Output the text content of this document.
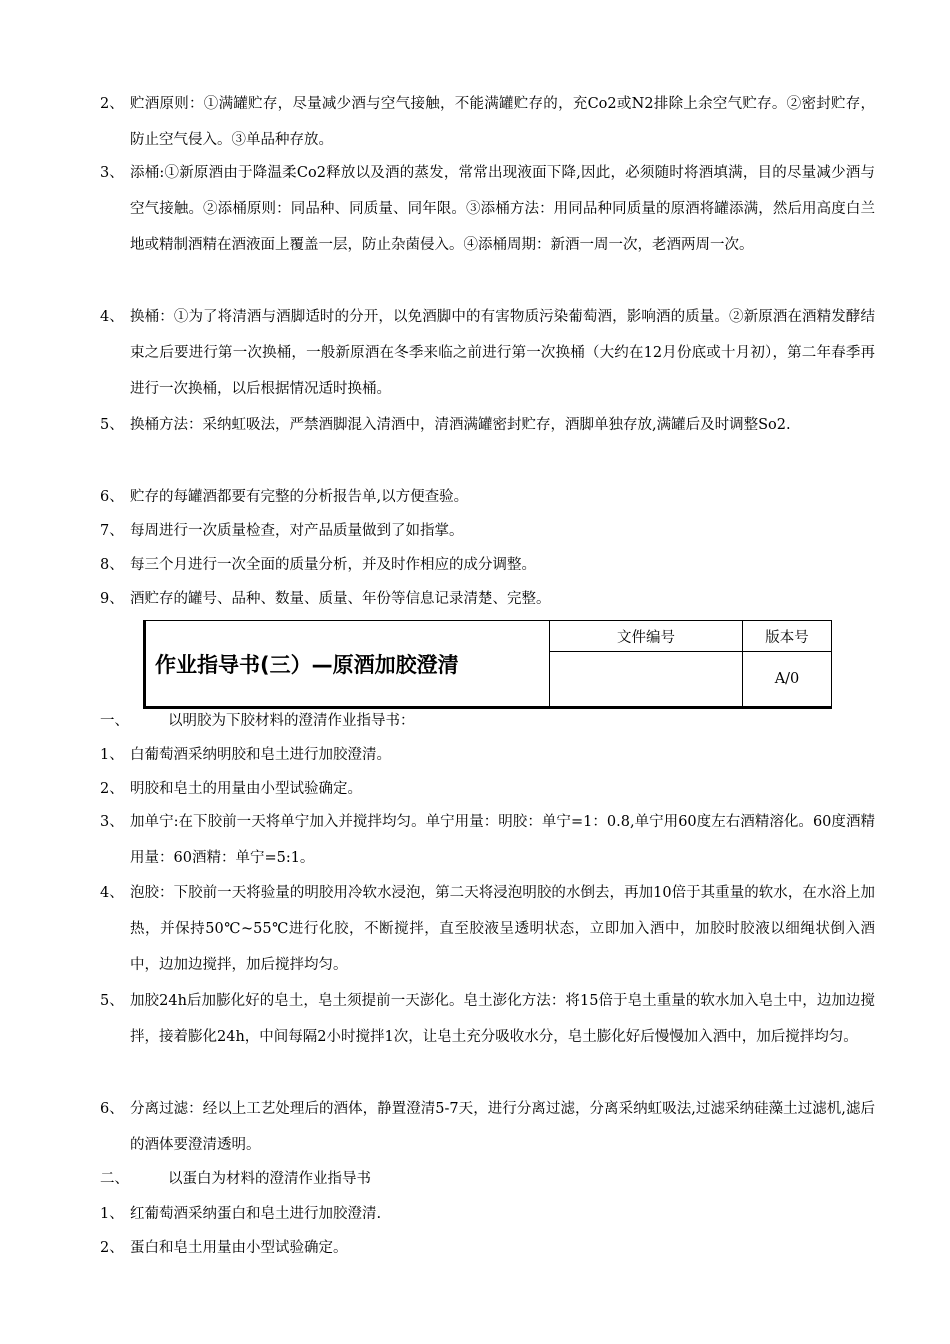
2、 贮酒原则：①满罐贮存，尽量减少酒与空气接触，不能满罐贮存的，充Co2或N2排除上余空气贮存。②密封贮存，防止空气侵入。③单品种存放。
3、 添桶:①新原酒由于降温柔Co2释放以及酒的蒸发，常常出现液面下降,因此，必须随时将酒填满，目的尽量减少酒与空气接触。②添桶原则：同品种、同质量、同年限。③添桶方法：用同品种同质量的原酒将罐添满，然后用高度白兰地或精制酒精在酒液面上覆盖一层，防止杂菌侵入。④添桶周期：新酒一周一次，老酒两周一次。
4、 换桶：①为了将清酒与酒脚适时的分开，以免酒脚中的有害物质污染葡萄酒，影响酒的质量。②新原酒在酒精发酵结束之后要进行第一次换桶，一般新原酒在冬季来临之前进行第一次换桶（大约在12月份底或十月初），第二年春季再进行一次换桶，以后根据情况适时换桶。
5、 换桶方法：采纳虹吸法，严禁酒脚混入清酒中，清酒满罐密封贮存，酒脚单独存放,满罐后及时调整So2.
6、 贮存的每罐酒都要有完整的分析报告单,以方便查验。
7、 每周进行一次质量检查，对产品质量做到了如指掌。
8、 每三个月进行一次全面的质量分析，并及时作相应的成分调整。
9、 酒贮存的罐号、品种、数量、质量、年份等信息记录清楚、完整。
作业指导书(三）—原酒加胶澄清	文件编号	版本号
		A/0
一、	以明胶为下胶材料的澄清作业指导书：
1、 白葡萄酒采纳明胶和皂土进行加胶澄清。
2、 明胶和皂土的用量由小型试验确定。
3、 加单宁:在下胶前一天将单宁加入并搅拌均匀。单宁用量：明胶：单宁=1：0.8,单宁用60度左右酒精溶化。60度酒精用量：60酒精：单宁=5:1。
4、 泡胶：下胶前一天将验量的明胶用冷软水浸泡，第二天将浸泡明胶的水倒去，再加10倍于其重量的软水，在水浴上加热，并保持50℃~55℃进行化胶，不断搅拌，直至胶液呈透明状态，立即加入酒中，加胶时胶液以细绳状倒入酒中，边加边搅拌，加后搅拌均匀。
5、 加胶24h后加膨化好的皂土，皂土须提前一天澎化。皂土澎化方法：将15倍于皂土重量的软水加入皂土中，边加边搅拌，接着膨化24h，中间每隔2小时搅拌1次，让皂土充分吸收水分，皂土膨化好后慢慢加入酒中，加后搅拌均匀。
6、 分离过滤：经以上工艺处理后的酒体，静置澄清5-7天，进行分离过滤，分离采纳虹吸法,过滤采纳硅藻土过滤机,滤后的酒体要澄清透明。
二、	以蛋白为材料的澄清作业指导书
1、 红葡萄酒采纳蛋白和皂土进行加胶澄清.
2、 蛋白和皂土用量由小型试验确定。
